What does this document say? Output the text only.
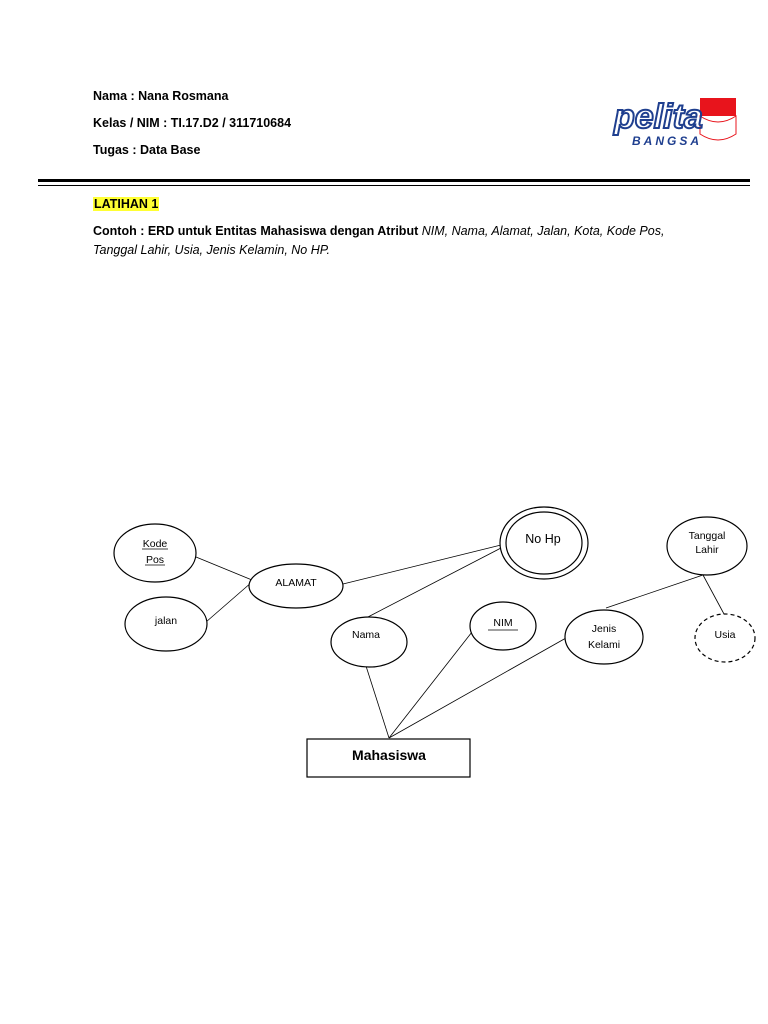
Nama : Nana Rosmana
Kelas / NIM : TI.17.D2 / 311710684
Tugas : Data Base
pelita
BANGSA
LATIHAN 1
Contoh : ERD untuk Entitas Mahasiswa dengan Atribut NIM, Nama, Alamat, Jalan, Kota, Kode Pos,
Tanggal Lahir, Usia, Jenis Kelamin, No HP.
Kode
Pos
jalan
ALAMAT
No Hp
Nama
NIM	Jenis
Kelami
Tanggal
Lahir
Usia
Mahasiswa
